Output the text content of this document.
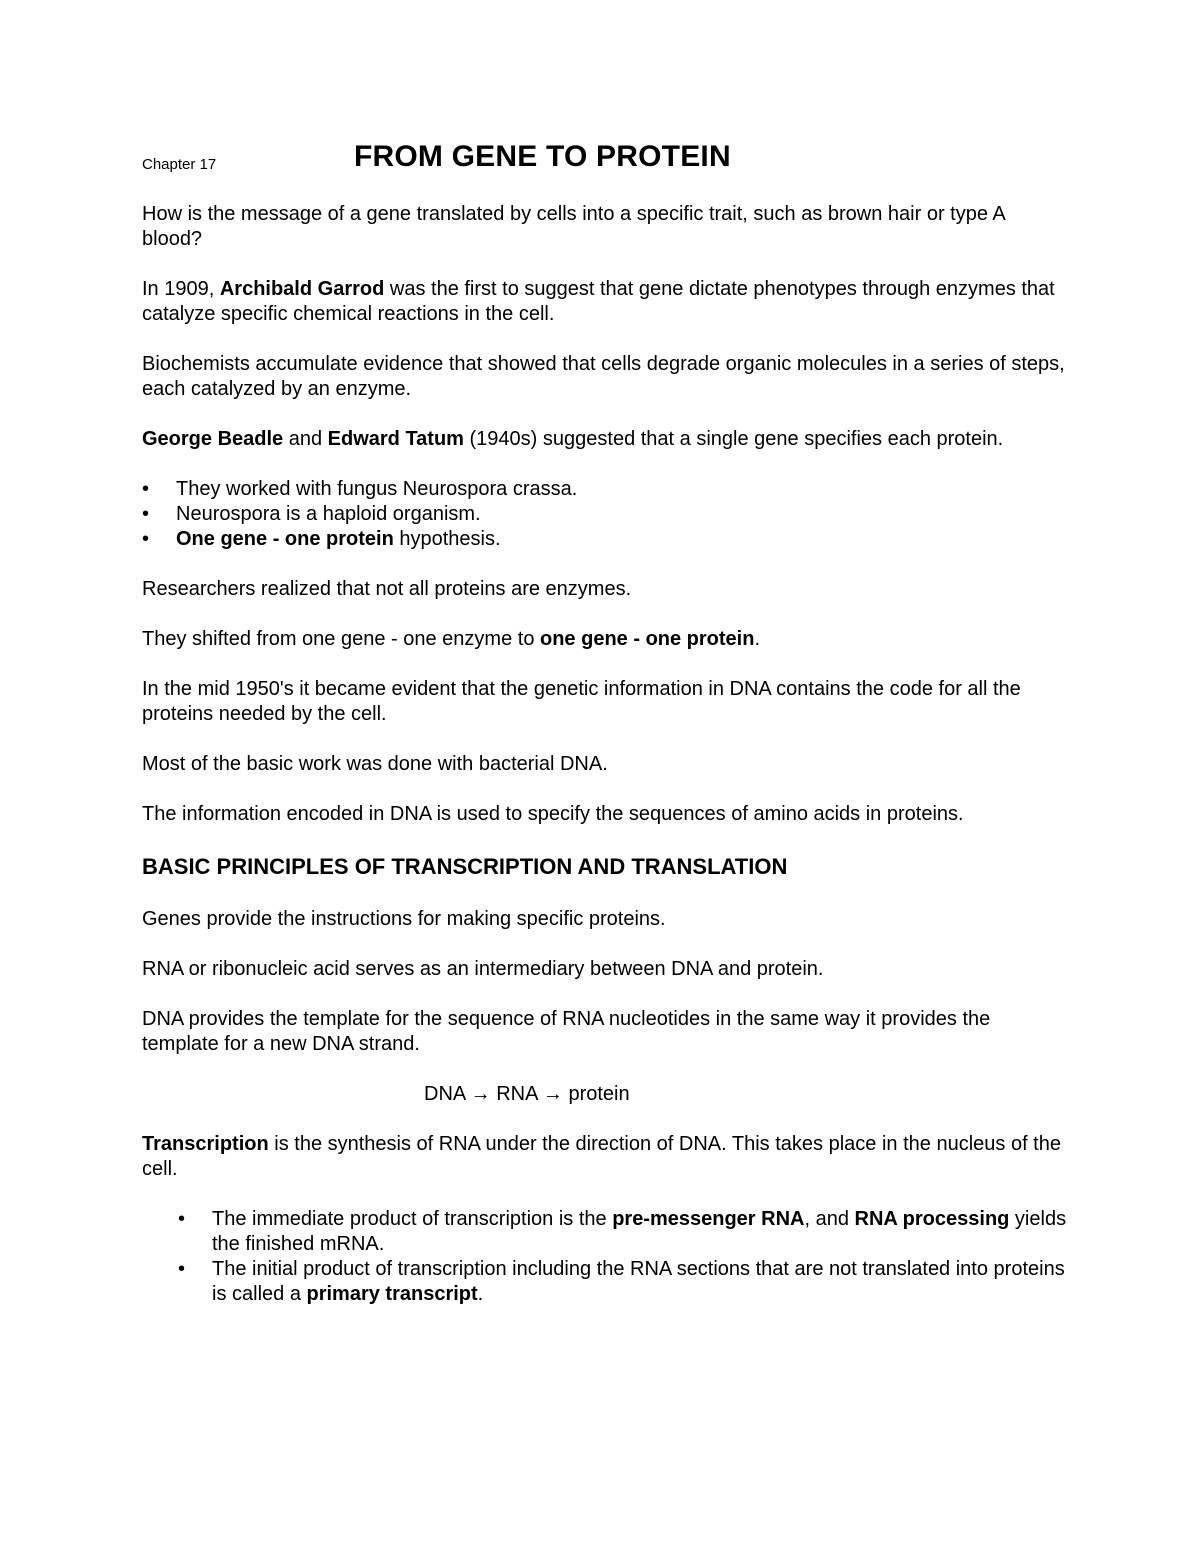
Chapter 17	FROM GENE TO PROTEIN

How is the message of a gene translated by cells into a specific trait, such as brown hair or type A blood?

In 1909, Archibald Garrod was the first to suggest that gene dictate phenotypes through enzymes that catalyze specific chemical reactions in the cell.

Biochemists accumulate evidence that showed that cells degrade organic molecules in a series of steps, each catalyzed by an enzyme.

George Beadle and Edward Tatum (1940s) suggested that a single gene specifies each protein.

• They worked with fungus Neurospora crassa.
• Neurospora is a haploid organism.
• One gene - one protein hypothesis.

Researchers realized that not all proteins are enzymes.

They shifted from one gene - one enzyme to one gene - one protein.

In the mid 1950's it became evident that the genetic information in DNA contains the code for all the proteins needed by the cell.

Most of the basic work was done with bacterial DNA.

The information encoded in DNA is used to specify the sequences of amino acids in proteins.

BASIC PRINCIPLES OF TRANSCRIPTION AND TRANSLATION

Genes provide the instructions for making specific proteins.

RNA or ribonucleic acid serves as an intermediary between DNA and protein.

DNA provides the template for the sequence of RNA nucleotides in the same way it provides the template for a new DNA strand.

DNA → RNA → protein

Transcription is the synthesis of RNA under the direction of DNA. This takes place in the nucleus of the cell.

• The immediate product of transcription is the pre-messenger RNA, and RNA processing yields the finished mRNA.
• The initial product of transcription including the RNA sections that are not translated into proteins is called a primary transcript.
